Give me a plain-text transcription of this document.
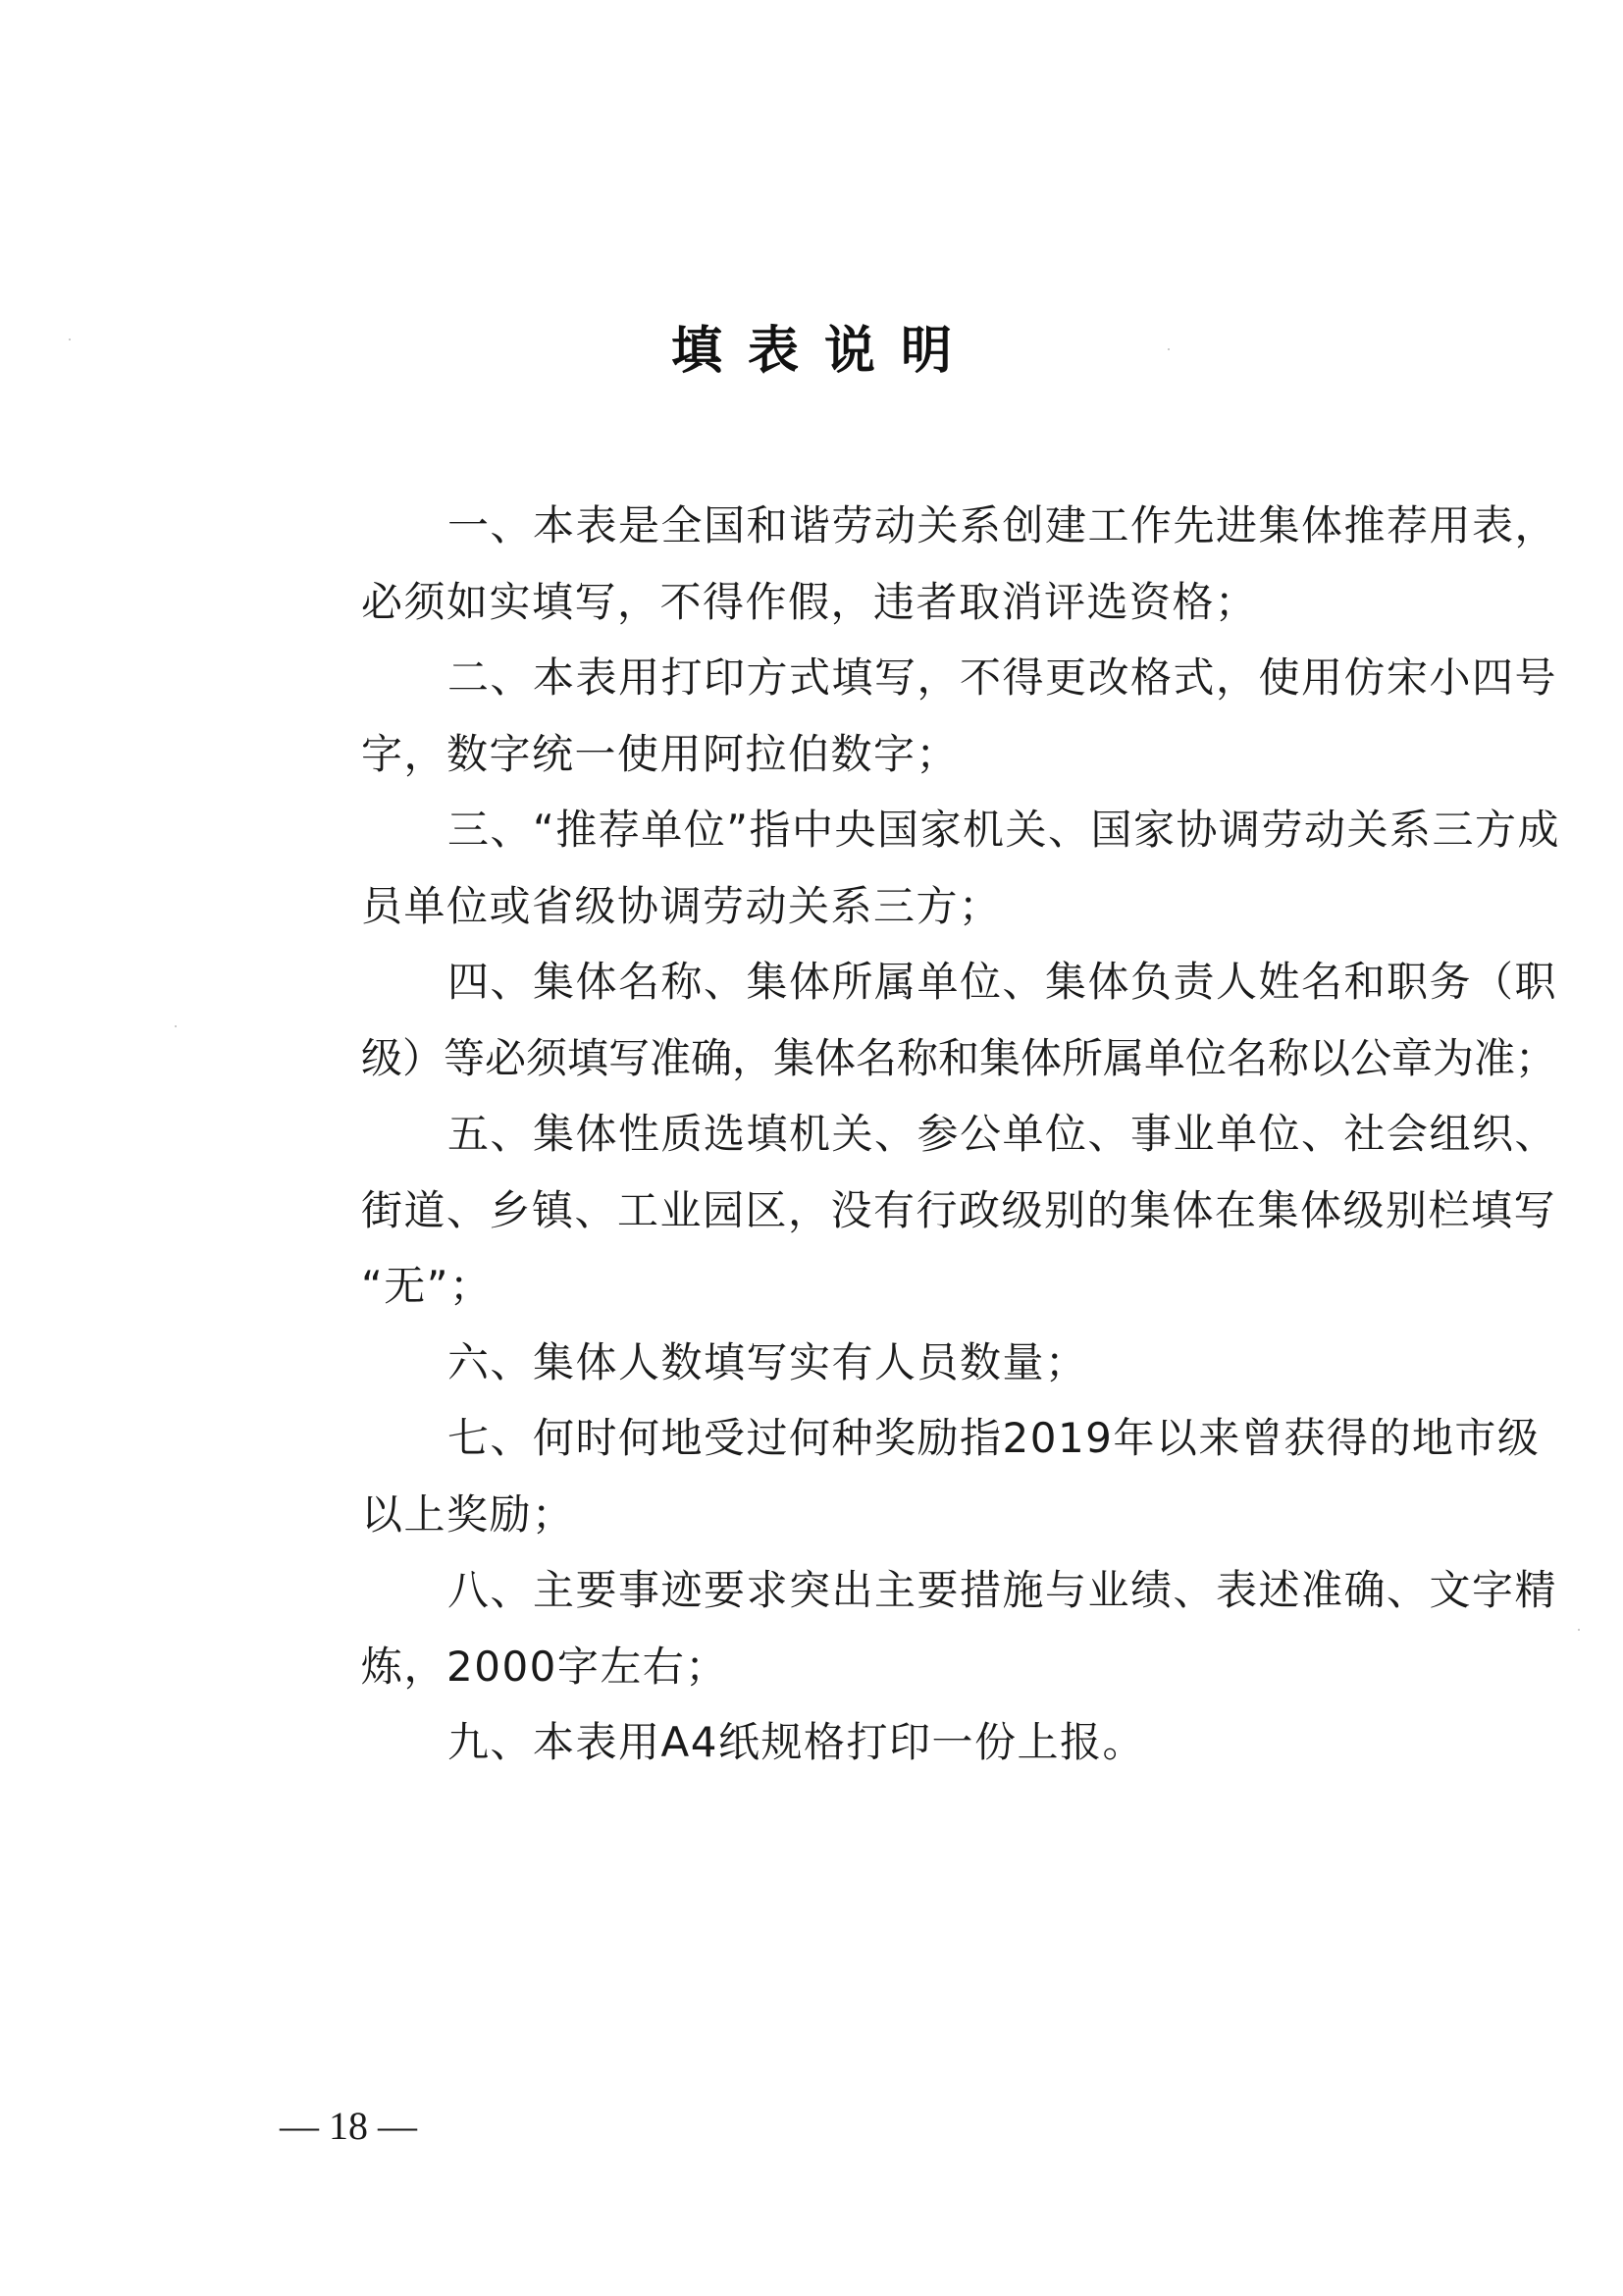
填表说明
一、本表是全国和谐劳动关系创建工作先进集体推荐用表，
必须如实填写，不得作假，违者取消评选资格；
二、本表用打印方式填写，不得更改格式，使用仿宋小四号
字，数字统一使用阿拉伯数字；
三、“推荐单位”指中央国家机关、国家协调劳动关系三方成
员单位或省级协调劳动关系三方；
四、集体名称、集体所属单位、集体负责人姓名和职务（职
级）等必须填写准确，集体名称和集体所属单位名称以公章为准；
五、集体性质选填机关、参公单位、事业单位、社会组织、
街道、乡镇、工业园区，没有行政级别的集体在集体级别栏填写
“无”；
六、集体人数填写实有人员数量；
七、何时何地受过何种奖励指2019年以来曾获得的地市级
以上奖励；
八、主要事迹要求突出主要措施与业绩、表述准确、文字精
炼，2000字左右；
九、本表用A4纸规格打印一份上报。
— 18 —
